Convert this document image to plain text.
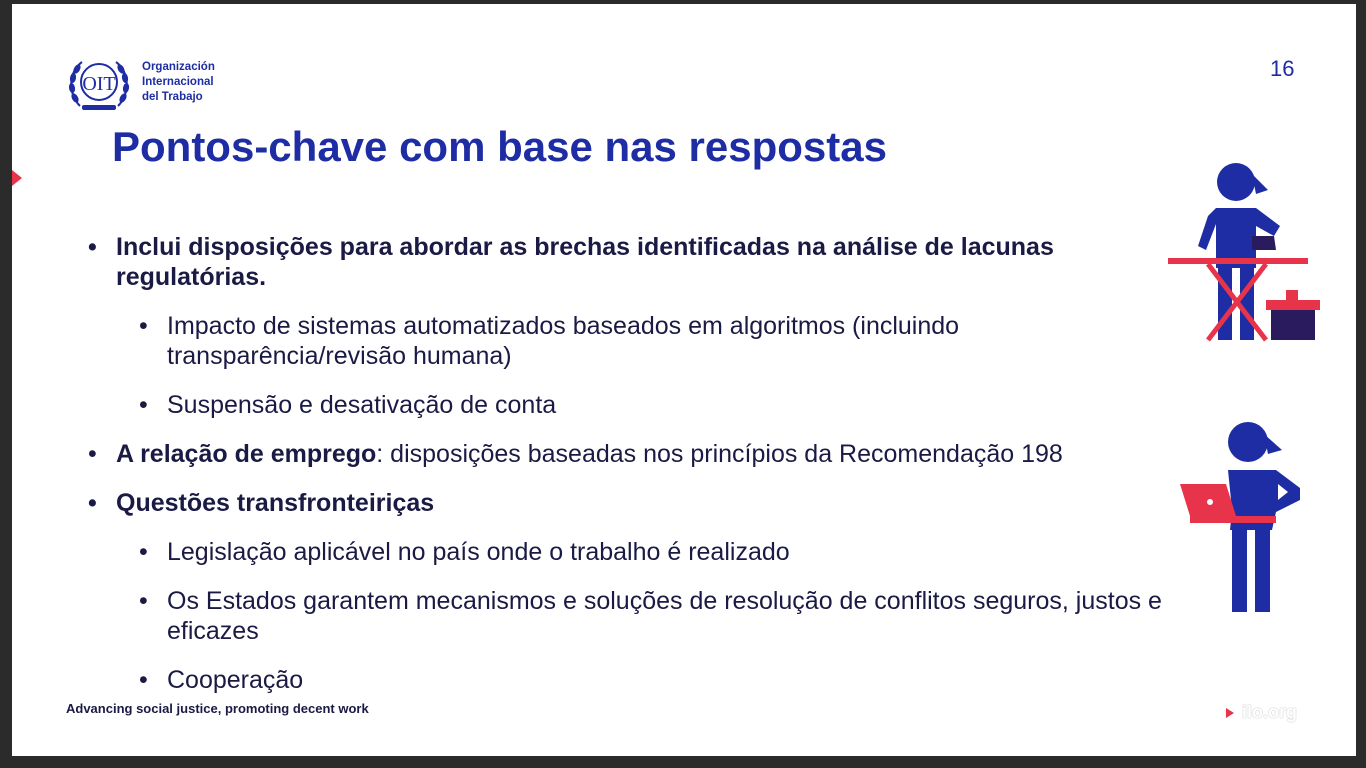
OIT
Organización
Internacional
del Trabajo
16
Pontos-chave com base nas respostas
• Inclui disposições para abordar as brechas identificadas na análise de lacunas regulatórias.
• Impacto de sistemas automatizados baseados em algoritmos (incluindo transparência/revisão humana)
• Suspensão e desativação de conta
• A relação de emprego: disposições baseadas nos princípios da Recomendação 198
• Questões transfronteiriças
• Legislação aplicável no país onde o trabalho é realizado
• Os Estados garantem mecanismos e soluções de resolução de conflitos seguros, justos e eficazes
• Cooperação
Advancing social justice, promoting decent work	ilo.org
